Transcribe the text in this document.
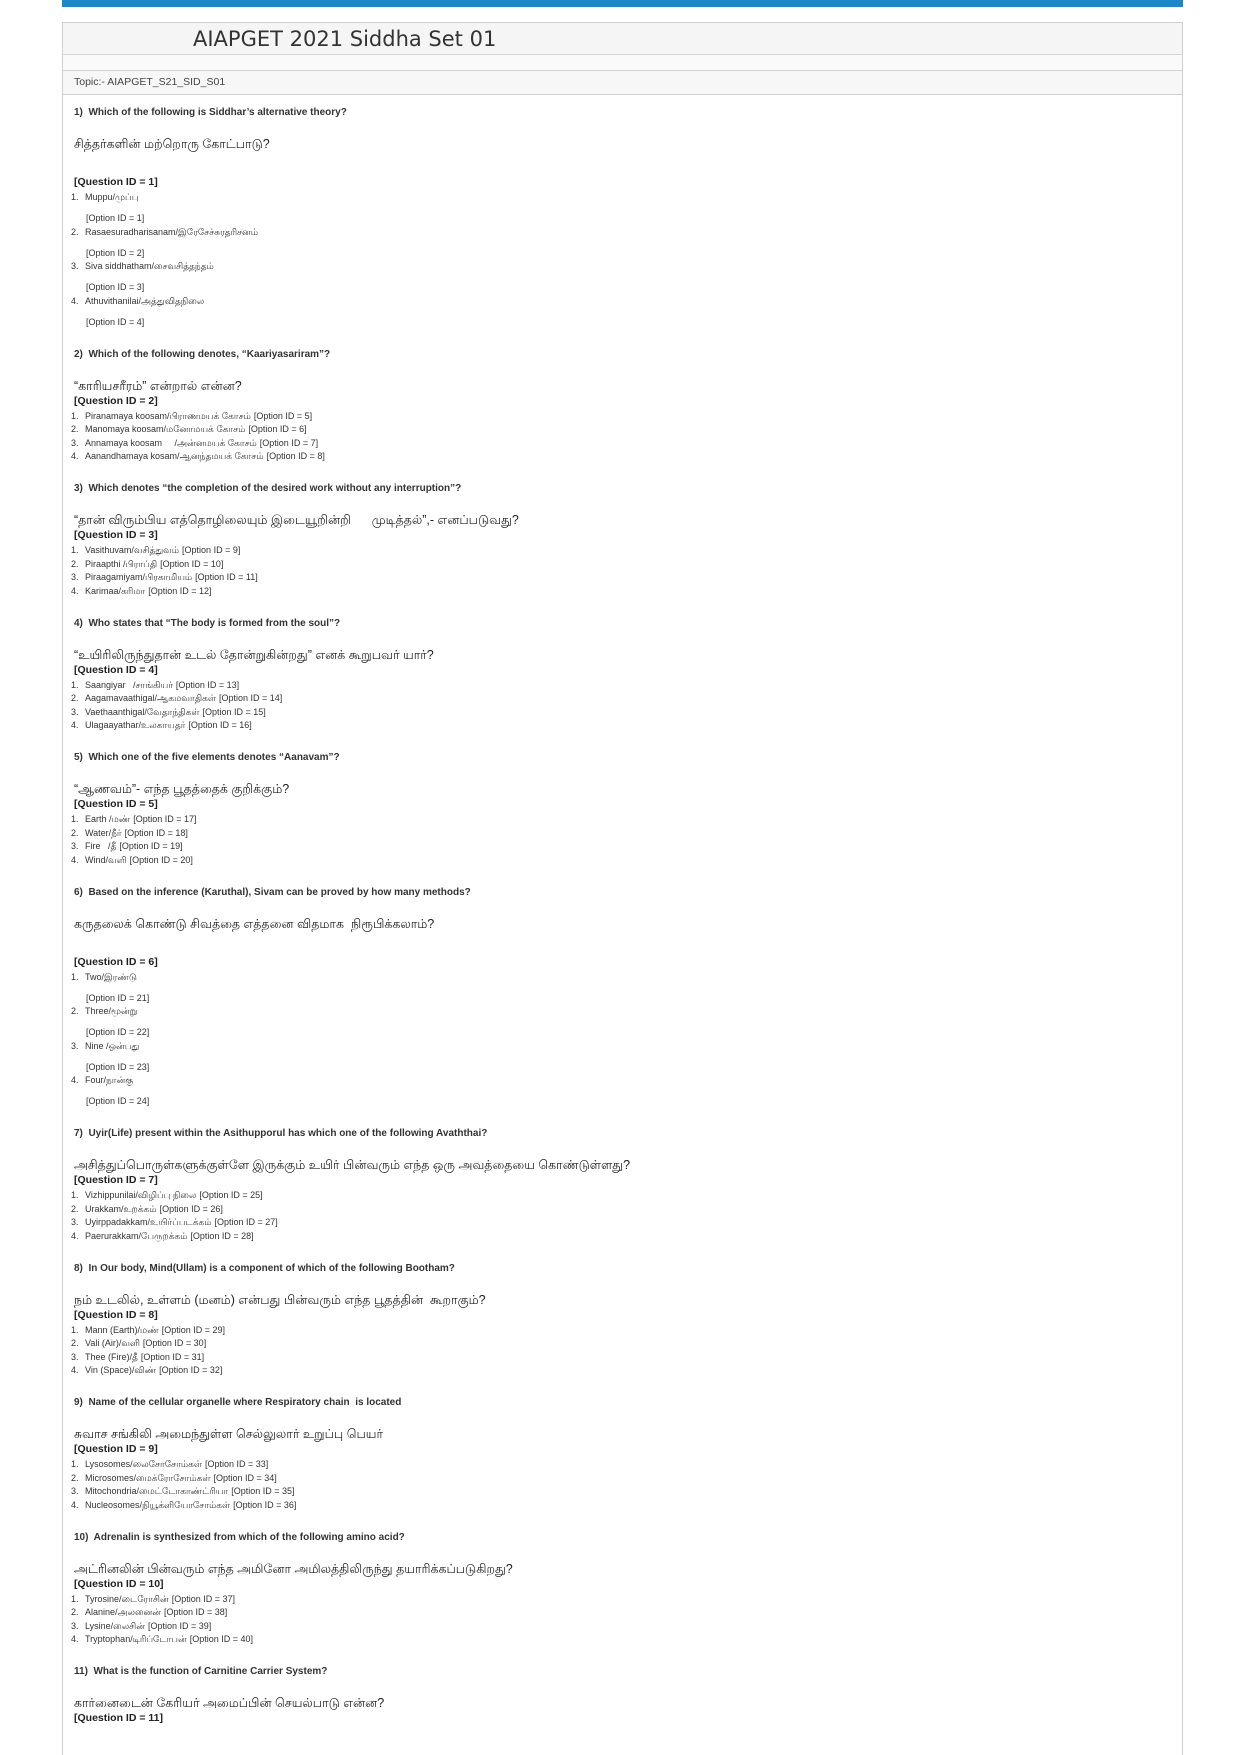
AIAPGET 2021 Siddha Set 01
Topic:- AIAPGET_S21_SID_S01
1)  Which of the following is Siddhar’s alternative theory?
சித்தர்களின் மற்றொரு கோட்பாடு?
[Question ID = 1]
1. Muppu/முப்பு
[Option ID = 1]
2. Rasaesuradharisanam/இரேசேச்சுரதரிசனம்
[Option ID = 2]
3. Siva siddhatham/சைவசித்தந்தம்
[Option ID = 3]
4. Athuvithanilai/அத்துவிதநிலை
[Option ID = 4]
2)  Which of the following denotes, “Kaariyasariram”?
“காரியசரீரம்” என்றால் என்ன?
[Question ID = 2]
1. Piranamaya koosam/பிராணமயக் கோசம் [Option ID = 5]
2. Manomaya koosam/மனோமயக் கோசம் [Option ID = 6]
3. Annamaya koosam     /அன்னமயக் கோசம் [Option ID = 7]
4. Aanandhamaya kosam/ஆனந்தமயக் கோசம் [Option ID = 8]
3)  Which denotes “the completion of the desired work without any interruption”?
“தான் விரும்பிய எத்தொழிலையும் இடையூறின்றி      முடித்தல்”,- எனப்படுவது?
[Question ID = 3]
1. Vasithuvam/வசித்துவம் [Option ID = 9]
2. Piraapthi /பிராப்தி [Option ID = 10]
3. Piraagamiyam/பிரகாமியம் [Option ID = 11]
4. Karimaa/கரிமா [Option ID = 12]
4)  Who states that “The body is formed from the soul”?
“உயிரிலிருந்துதான் உடல் தோன்றுகின்றது” எனக் கூறுபவர் யார்?
[Question ID = 4]
1. Saangiyar   /சாங்கியர் [Option ID = 13]
2. Aagamavaathigal/ஆகமவாதிகள் [Option ID = 14]
3. Vaethaanthigal/வேதாந்திகள் [Option ID = 15]
4. Ulagaayathar/உலகாயதர் [Option ID = 16]
5)  Which one of the five elements denotes “Aanavam”?
“ஆணவம்”- எந்த பூதத்தைக் குறிக்கும்?
[Question ID = 5]
1. Earth /மண் [Option ID = 17]
2. Water/நீர் [Option ID = 18]
3. Fire   /தீ [Option ID = 19]
4. Wind/வளி [Option ID = 20]
6)  Based on the inference (Karuthal), Sivam can be proved by how many methods?
கருதலைக் கொண்டு சிவத்தை எத்தனை விதமாக  நிரூபிக்கலாம்?
[Question ID = 6]
1. Two/இரண்டு
[Option ID = 21]
2. Three/மூன்று
[Option ID = 22]
3. Nine /ஒன்பது
[Option ID = 23]
4. Four/நான்கு
[Option ID = 24]
7)  Uyir(Life) present within the Asithupporul has which one of the following Avaththai?
அசித்துப்பொருள்களுக்குள்ளே இருக்கும் உயிர் பின்வரும் எந்த ஒரு அவத்தையை கொண்டுள்ளது?
[Question ID = 7]
1. Vizhippunilai/விழிப்பு நிலை [Option ID = 25]
2. Urakkam/உறக்கம் [Option ID = 26]
3. Uyirppadakkam/உயிர்ப்படக்கம் [Option ID = 27]
4. Paerurakkam/பேருறக்கம் [Option ID = 28]
8)  In Our body, Mind(Ullam) is a component of which of the following Bootham?
நம் உடலில், உள்ளம் (மனம்) என்பது பின்வரும் எந்த பூதத்தின்  கூறாகும்?
[Question ID = 8]
1. Mann (Earth)/மண் [Option ID = 29]
2. Vali (Air)/வளி [Option ID = 30]
3. Thee (Fire)/தீ [Option ID = 31]
4. Vin (Space)/விண் [Option ID = 32]
9)  Name of the cellular organelle where Respiratory chain  is located
சுவாச சங்கிலி அமைந்துள்ள செல்லுலார் உறுப்பு பெயர்
[Question ID = 9]
1. Lysosomes/லைசோசோம்கள் [Option ID = 33]
2. Microsomes/மைக்ரோசோம்கள் [Option ID = 34]
3. Mitochondria/மைட்டோகாண்ட்ரியா [Option ID = 35]
4. Nucleosomes/நியூக்ளியோசோம்கள் [Option ID = 36]
10)  Adrenalin is synthesized from which of the following amino acid?
அட்ரினலின் பின்வரும் எந்த அமினோ அமிலத்திலிருந்து தயாரிக்கப்படுகிறது?
[Question ID = 10]
1. Tyrosine/டைரோசின் [Option ID = 37]
2. Alanine/அலனைன் [Option ID = 38]
3. Lysine/லைசின் [Option ID = 39]
4. Tryptophan/டிரிப்டோபன் [Option ID = 40]
11)  What is the function of Carnitine Carrier System?
கார்னைடைன் கேரியர் அமைப்பின் செயல்பாடு என்ன?
[Question ID = 11]
